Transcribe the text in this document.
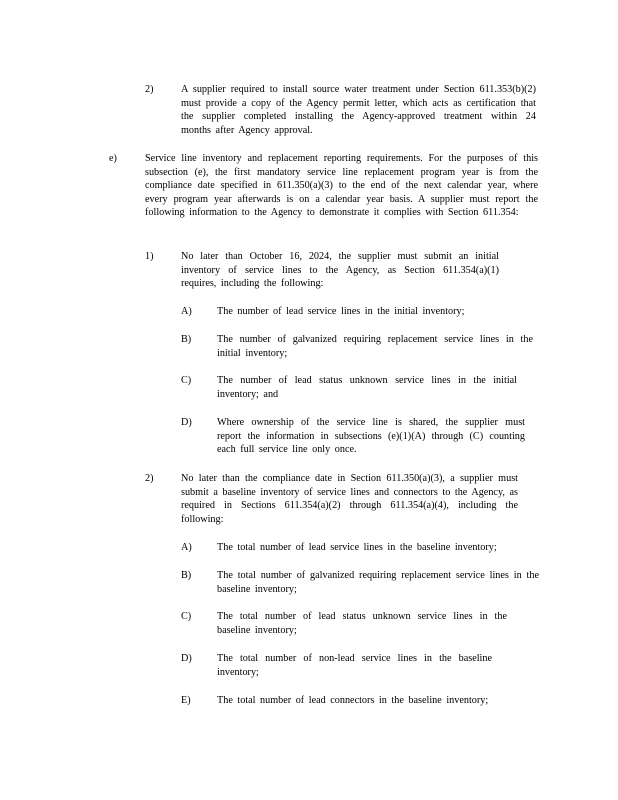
2)	A supplier required to install source water treatment under Section 611.353(b)(2) must provide a copy of the Agency permit letter, which acts as certification that the supplier completed installing the Agency-approved treatment within 24 months after Agency approval.

e)	Service line inventory and replacement reporting requirements. For the purposes of this subsection (e), the first mandatory service line replacement program year is from the compliance date specified in 611.350(a)(3) to the end of the next calendar year, where every program year afterwards is on a calendar year basis. A supplier must report the following information to the Agency to demonstrate it complies with Section 611.354:

1)	No later than October 16, 2024, the supplier must submit an initial inventory of service lines to the Agency, as Section 611.354(a)(1) requires, including the following:

A) The number of lead service lines in the initial inventory;

B)	The number of galvanized requiring replacement service lines in the initial inventory;

C)	The number of lead status unknown service lines in the initial inventory; and

D) Where ownership of the service line is shared, the supplier must report the information in subsections (e)(1)(A) through (C) counting each full service line only once.

2)	No later than the compliance date in Section 611.350(a)(3), a supplier must submit a baseline inventory of service lines and connectors to the Agency, as required in Sections 611.354(a)(2) through 611.354(a)(4), including the following:

A) The total number of lead service lines in the baseline inventory;

B)	The total number of galvanized requiring replacement service lines in the baseline inventory;

C)	The total number of lead status unknown service lines in the baseline inventory;

D) The total number of non-lead service lines in the baseline inventory;

E)	The total number of lead connectors in the baseline inventory;
